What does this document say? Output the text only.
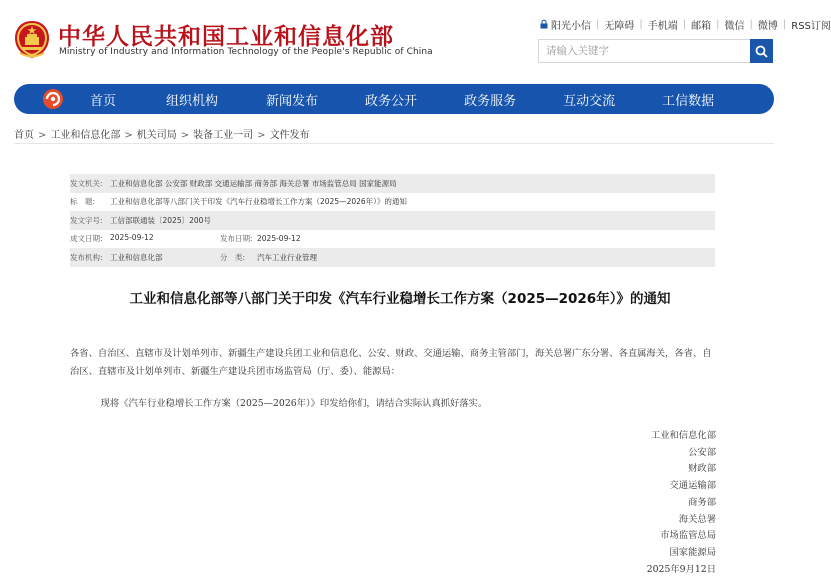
中华人民共和国工业和信息化部
Ministry of Industry and Information Technology of the People's Republic of China
阳光小信 | 无障碍 | 手机端 | 邮箱 | 微信 | 微博 | RSS订阅
请输入关键字
首页	组织机构	新闻发布	政务公开	政务服务	互动交流	工信数据
首页 > 工业和信息化部 > 机关司局 > 装备工业一司 > 文件发布
发文机关: 工业和信息化部 公安部 财政部 交通运输部 商务部 海关总署 市场监管总局 国家能源局
标　题:	工业和信息化部等八部门关于印发《汽车行业稳增长工作方案（2025—2026年）》的通知
发文字号: 工信部联通装〔2025〕200号
成文日期: 2025-09-12	发布日期: 2025-09-12
发布机构: 工业和信息化部	分　类:	汽车工业行业管理
工业和信息化部等八部门关于印发《汽车行业稳增长工作方案（2025—2026年）》的通知
各省、自治区、直辖市及计划单列市、新疆生产建设兵团工业和信息化、公安、财政、交通运输、商务主管部门，海关总署广东分署、各直属海关，各省、自治区、直辖市及计划单列市、新疆生产建设兵团市场监管局（厅、委）、能源局：
现将《汽车行业稳增长工作方案（2025—2026年）》印发给你们，请结合实际认真抓好落实。
工业和信息化部
公安部
财政部
交通运输部
商务部
海关总署
市场监管总局
国家能源局
2025年9月12日
